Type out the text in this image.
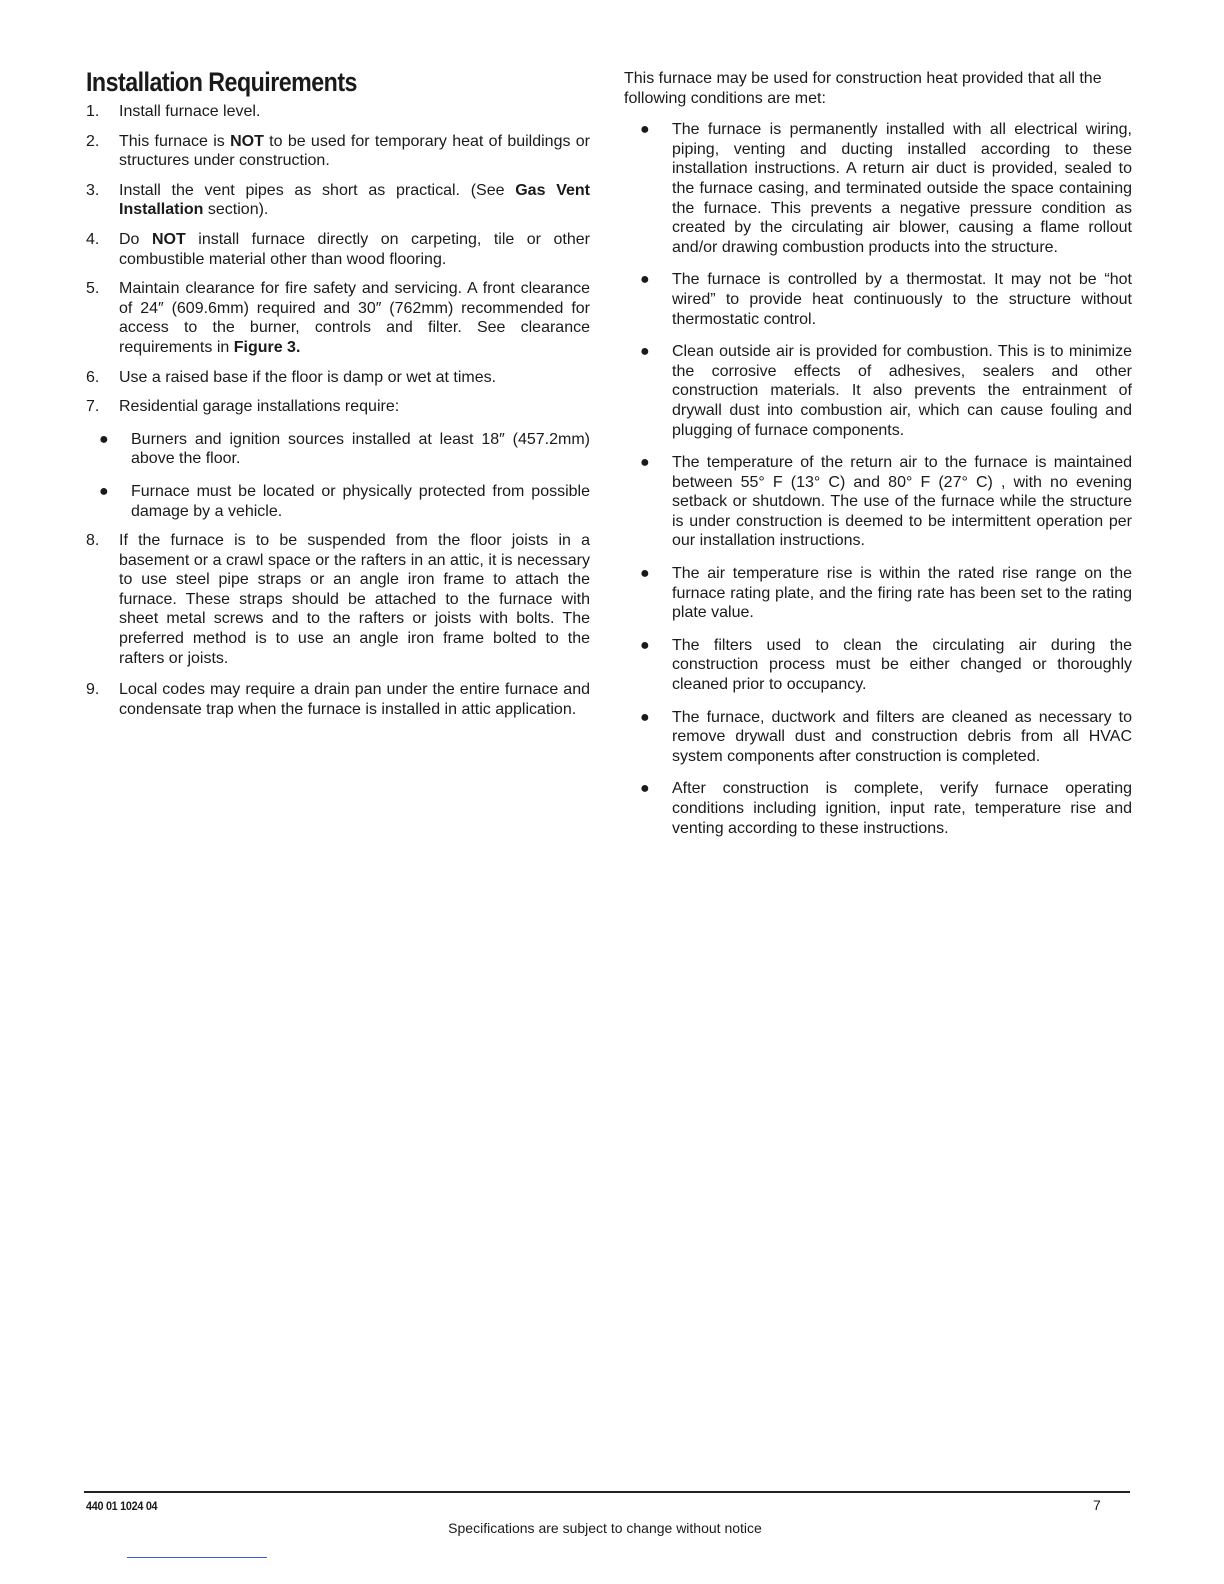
Installation Requirements
1. Install furnace level.
2. This furnace is NOT to be used for temporary heat of buildings or structures under construction.
3. Install the vent pipes as short as practical. (See Gas Vent Installation section).
4. Do NOT install furnace directly on carpeting, tile or other combustible material other than wood flooring.
5. Maintain clearance for fire safety and servicing. A front clearance of 24″ (609.6mm) required and 30″ (762mm) recommended for access to the burner, controls and filter. See clearance requirements in Figure 3.
6. Use a raised base if the floor is damp or wet at times.
7. Residential garage installations require:
● Burners and ignition sources installed at least 18″ (457.2mm) above the floor.
● Furnace must be located or physically protected from possible damage by a vehicle.
8. If the furnace is to be suspended from the floor joists in a basement or a crawl space or the rafters in an attic, it is necessary to use steel pipe straps or an angle iron frame to attach the furnace. These straps should be attached to the furnace with sheet metal screws and to the rafters or joists with bolts. The preferred method is to use an angle iron frame bolted to the rafters or joists.
9. Local codes may require a drain pan under the entire furnace and condensate trap when the furnace is installed in attic application.
This furnace may be used for construction heat provided that all the following conditions are met:
● The furnace is permanently installed with all electrical wiring, piping, venting and ducting installed according to these installation instructions. A return air duct is provided, sealed to the furnace casing, and terminated outside the space containing the furnace. This prevents a negative pressure condition as created by the circulating air blower, causing a flame rollout and/or drawing combustion products into the structure.
● The furnace is controlled by a thermostat. It may not be “hot wired” to provide heat continuously to the structure without thermostatic control.
● Clean outside air is provided for combustion. This is to minimize the corrosive effects of adhesives, sealers and other construction materials. It also prevents the entrainment of drywall dust into combustion air, which can cause fouling and plugging of furnace components.
● The temperature of the return air to the furnace is maintained between 55° F (13° C) and 80° F (27° C) , with no evening setback or shutdown. The use of the furnace while the structure is under construction is deemed to be intermittent operation per our installation instructions.
● The air temperature rise is within the rated rise range on the furnace rating plate, and the firing rate has been set to the rating plate value.
● The filters used to clean the circulating air during the construction process must be either changed or thoroughly cleaned prior to occupancy.
● The furnace, ductwork and filters are cleaned as necessary to remove drywall dust and construction debris from all HVAC system components after construction is completed.
● After construction is complete, verify furnace operating conditions including ignition, input rate, temperature rise and venting according to these instructions.
440 01 1024 04	7
Specifications are subject to change without notice
